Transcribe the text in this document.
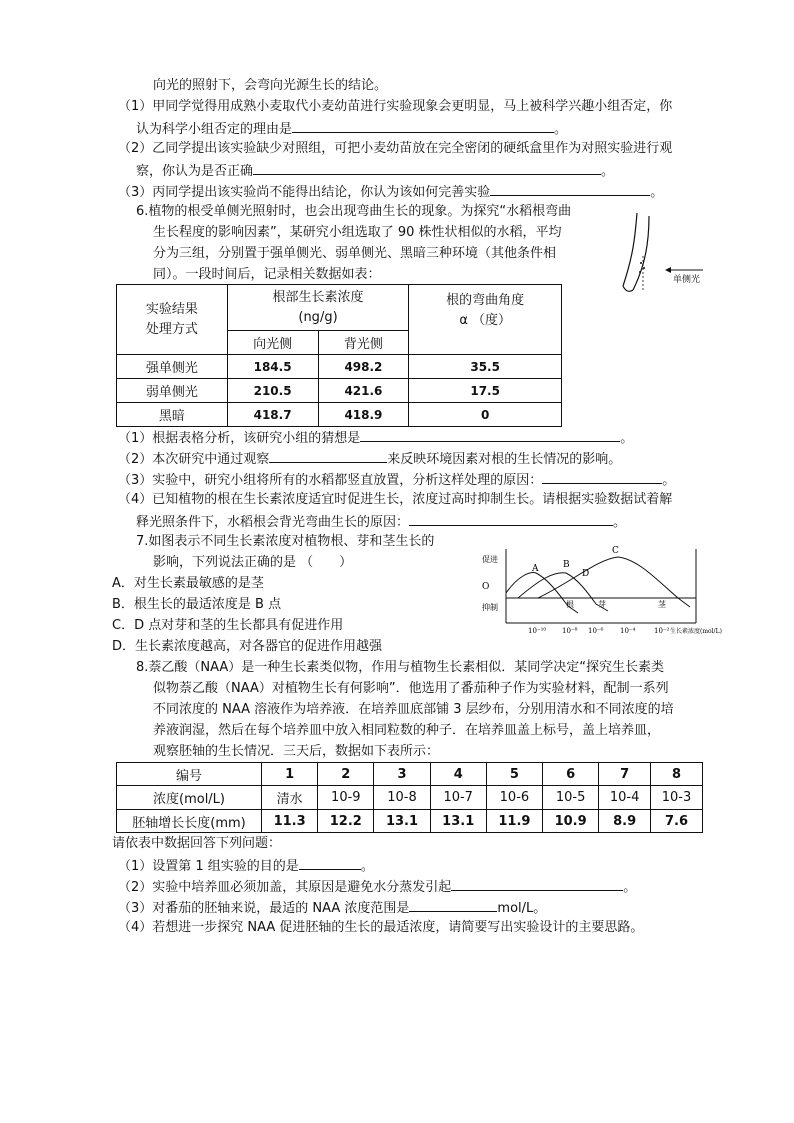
向光的照射下，会弯向光源生长的结论。
（1）甲同学觉得用成熟小麦取代小麦幼苗进行实验现象会更明显，马上被科学兴趣小组否定，你
认为科学小组否定的理由是	。
（2）乙同学提出该实验缺少对照组，可把小麦幼苗放在完全密闭的硬纸盒里作为对照实验进行观
察，你认为是否正确	。
（3）丙同学提出该实验尚不能得出结论，你认为该如何完善实验	。
6.植物的根受单侧光照射时，也会出现弯曲生长的现象。为探究“水稻根弯曲
生长程度的影响因素”，某研究小组选取了 90 株性状相似的水稻，平均
分为三组，分别置于强单侧光、弱单侧光、黑暗三种环境（其他条件相
同）。一段时间后，记录相关数据如表：	单侧光
实验结果
处理方式	根部生长素浓度
(ng/g)		根的弯曲角度
α （度）
	向光侧	背光侧	
强单侧光	184.5	498.2	35.5
弱单侧光	210.5	421.6	17.5
黑暗	418.7	418.9	0
（1）根据表格分析，该研究小组的猜想是	。
（2）本次研究中通过观察	来反映环境因素对根的生长情况的影响。
（3）实验中，研究小组将所有的水稻都竖直放置，分析这样处理的原因：	。
（4）已知植物的根在生长素浓度适宜时促进生长，浓度过高时抑制生长。请根据实验数据试着解
释光照条件下，水稻根会背光弯曲生长的原因：	。
7.如图表示不同生长素浓度对植物根、芽和茎生长的
影响，下列说法正确的是 （　　）
A．对生长素最敏感的是茎
B．根生长的最适浓度是 B 点
C．D 点对芽和茎的生长都具有促进作用
D．生长素浓度越高，对各器官的促进作用越强
促进
O
抑制
A	B
D
C
根	芽	茎
10⁻¹⁰ 10⁻⁸ 10⁻⁶ 10⁻⁴	10⁻² 生长素浓度(mol/L)
8.萘乙酸（NAA）是一种生长素类似物，作用与植物生长素相似．某同学决定“探究生长素类
似物萘乙酸（NAA）对植物生长有何影响”．他选用了番茄种子作为实验材料，配制一系列
不同浓度的 NAA 溶液作为培养液．在培养皿底部铺 3 层纱布，分别用清水和不同浓度的培
养液润湿，然后在每个培养皿中放入相同粒数的种子．在培养皿盖上标号，盖上培养皿，
观察胚轴的生长情况．三天后，数据如下表所示：
编号	1	2	3	4	5	6	7	8
浓度(mol/L)	清水	10-9	10-8	10-7	10-6	10-5	10-4	10-3
胚轴增长长度(mm)	11.3	12.2	13.1	13.1	11.9	10.9	8.9	7.6
请依表中数据回答下列问题：
（1）设置第 1 组实验的目的是	。
（2）实验中培养皿必须加盖，其原因是避免水分蒸发引起	。
（3）对番茄的胚轴来说，最适的 NAA 浓度范围是	mol/L。
（4）若想进一步探究 NAA 促进胚轴的生长的最适浓度，请简要写出实验设计的主要思路。
